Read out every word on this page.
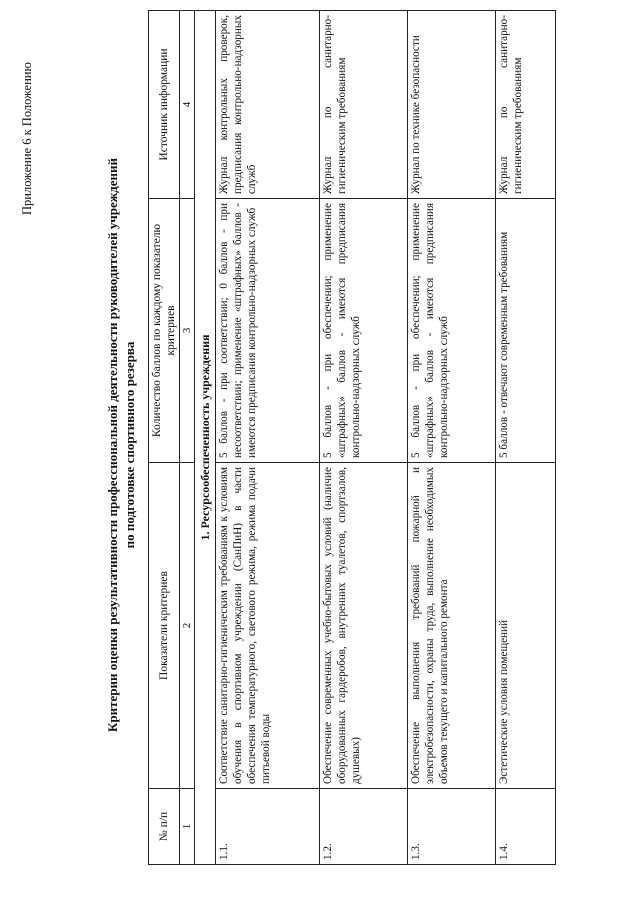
Приложение 6 к Положению
Критерии оценки результативности профессиональной деятельности руководителей учреждений по подготовке спортивного резерва
№ п/п	Показатели критериев	Количество баллов по каждому показателю критериев	Источник информации
1	2	3	4
1. Ресурсообеспеченность учреждения			
1.1.	Соответствие санитарно-гигиеническим требованиям к условиям обучения в спортивном учреждении (СанПиН) в части обеспечения температурного, светового режима, режима подачи питьевой воды	5 баллов - при соответствии; 0 баллов - при несоответствии; применение «штрафных» баллов - имеются предписания контрольно-надзорных служб	Журнал контрольных проверок, предписания контрольно-надзорных служб
1.2.	Обеспечение современных учебно-бытовых условий (наличие оборудованных гардеробов, внутренних туалетов, спортзалов, душевых)	5 баллов - при обеспечении; применение «штрафных» баллов - имеются предписания контрольно-надзорных служб	Журнал по санитарно-гигиеническим требованиям
1.3.	Обеспечение выполнения требований пожарной и электробезопасности, охраны труда, выполнение необходимых объемов текущего и капитального ремонта	5 баллов - при обеспечении; применение «штрафных» баллов - имеются предписания контрольно-надзорных служб	Журнал по технике безопасности
1.4.	Эстетические условия помещений	5 баллов - отвечают современным требованиям	Журнал по санитарно-гигиеническим требованиям
